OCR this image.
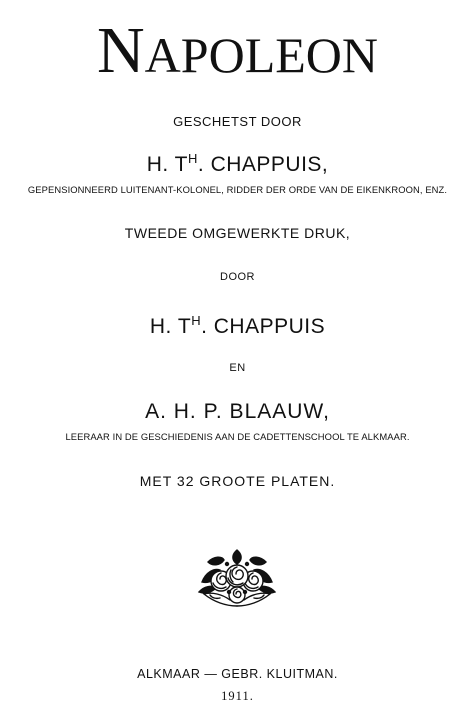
NAPOLEON
GESCHETST DOOR
H. $T^H$. CHAPPUIS,
GEPENSIONNEERD LUITENANT-KOLONEL, RIDDER DER ORDE VAN DE EIKENKROON, ENZ.
TWEEDE OMGEWERKTE DRUK,
DOOR
H. $T^H$. CHAPPUIS
EN
A. H. P. BLAAUW,
LEERAAR IN DE GESCHIEDENIS AAN DE CADETTENSCHOOL TE ALKMAAR.
MET 32 GROOTE PLATEN.
ALKMAAR — GEBR. KLUITMAN.
1911.
